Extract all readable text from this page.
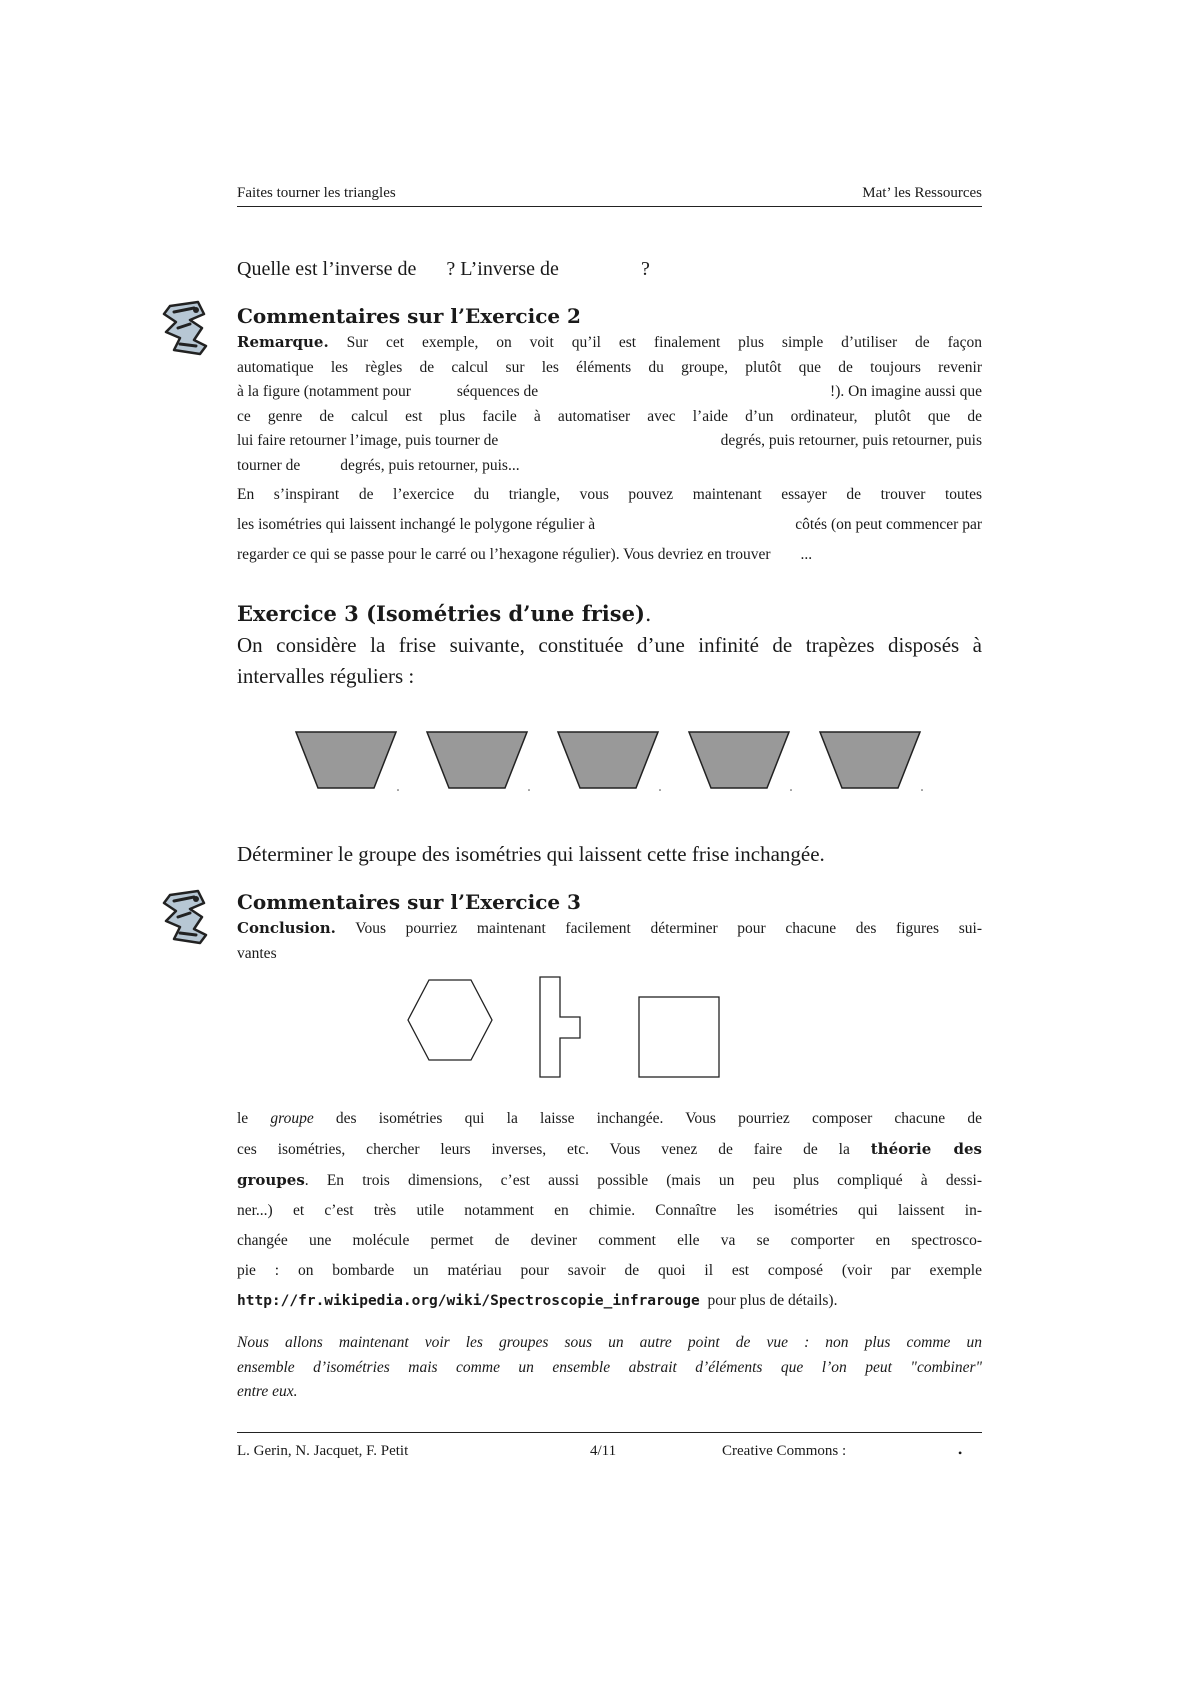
Faites tourner les triangles	Mat’ les Ressources
Quelle est l’inverse de ? L’inverse de	?
Commentaires sur l’Exercice 2
Remarque. Sur cet exemple, on voit qu’il est finalement plus simple d’utiliser de façon
automatique les règles de calcul sur les éléments du groupe, plutôt que de toujours revenir
à la figure (notamment pour	séquences de	!). On imagine aussi que
ce genre de calcul est plus facile à automatiser avec l’aide d’un ordinateur, plutôt que de
lui faire retourner l’image, puis tourner de	degrés, puis retourner, puis retourner, puis
tourner de	degrés, puis retourner, puis...
En s’inspirant de l’exercice du triangle, vous pouvez maintenant essayer de trouver toutes
les isométries qui laissent inchangé le polygone régulier à	côtés (on peut commencer par
regarder ce qui se passe pour le carré ou l’hexagone régulier). Vous devriez en trouver ...
Exercice 3 (Isométries d’une frise).
On considère la frise suivante, constituée d’une infinité de trapèzes disposés à
intervalles réguliers :
Déterminer le groupe des isométries qui laissent cette frise inchangée.
Commentaires sur l’Exercice 3
Conclusion. Vous pourriez maintenant facilement déterminer pour chacune des figures sui-
vantes
le groupe des isométries qui la laisse inchangée. Vous pourriez composer chacune de
ces isométries, chercher leurs inverses, etc. Vous venez de faire de la théorie des
groupes. En trois dimensions, c’est aussi possible (mais un peu plus compliqué à dessi-
ner...) et c’est très utile notamment en chimie. Connaître les isométries qui laissent in-
changée une molécule permet de deviner comment elle va se comporter en spectrosco-
pie : on bombarde un matériau pour savoir de quoi il est composé (voir par exemple
http://fr.wikipedia.org/wiki/Spectroscopie_infrarouge pour plus de détails).
Nous allons maintenant voir les groupes sous un autre point de vue : non plus comme un
ensemble d’isométries mais comme un ensemble abstrait d’éléments que l’on peut "combiner"
entre eux.
L. Gerin, N. Jacquet, F. Petit	4/11	Creative Commons :	•
